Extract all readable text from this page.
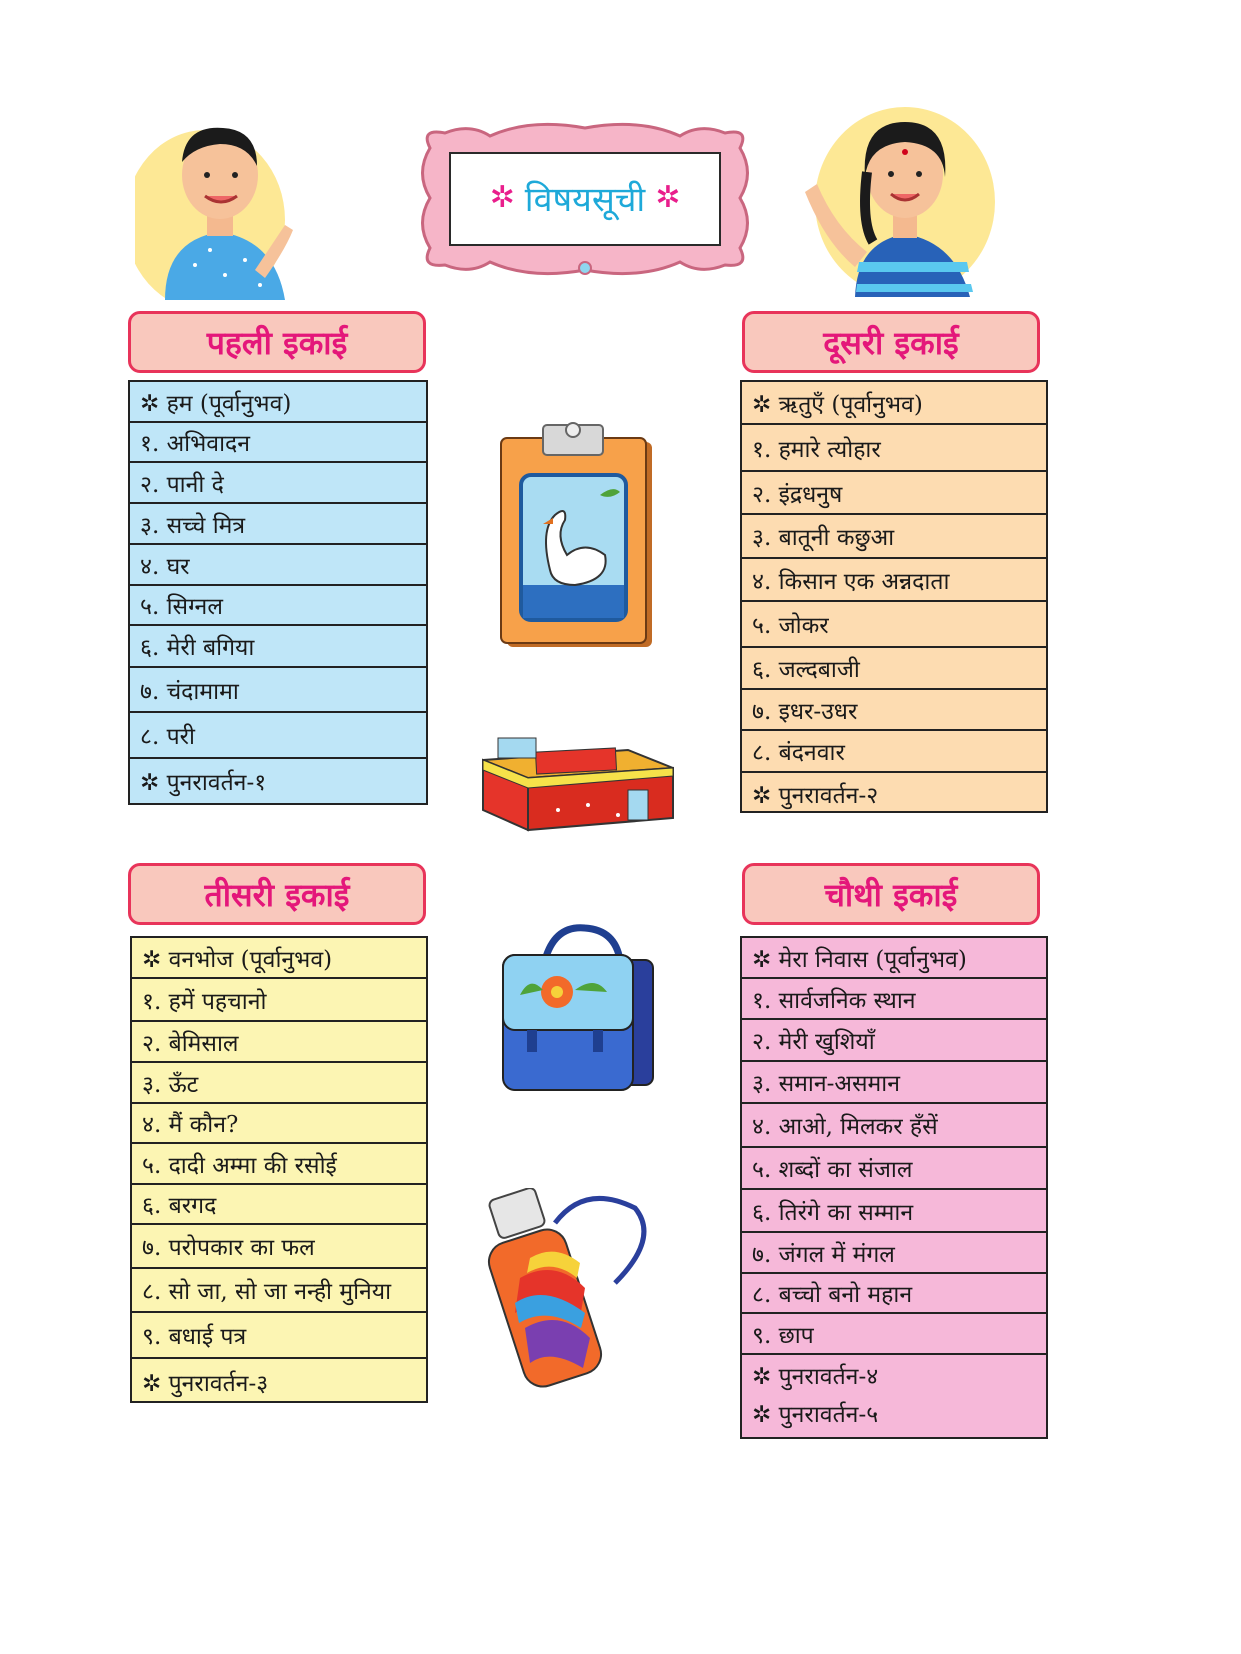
✲ विषयसूची ✲
पहली इकाई
✲ हम (पूर्वानुभव)
१. अभिवादन
२. पानी दे
३. सच्चे मित्र
४. घर
५. सिग्नल
६. मेरी बगिया
७. चंदामामा
८. परी
✲ पुनरावर्तन-१
दूसरी इकाई
✲ ऋतुएँ (पूर्वानुभव)
१. हमारे त्योहार
२. इंद्रधनुष
३. बातूनी कछुआ
४. किसान एक अन्नदाता
५. जोकर
६. जल्दबाजी
७. इधर-उधर
८. बंदनवार
✲ पुनरावर्तन-२
तीसरी इकाई
✲ वनभोज (पूर्वानुभव)
१. हमें पहचानो
२. बेमिसाल
३. ऊँट
४. मैं कौन?
५. दादी अम्मा की रसोई
६. बरगद
७. परोपकार का फल
८. सो जा, सो जा नन्ही मुनिया
९. बधाई पत्र
✲ पुनरावर्तन-३
चौथी इकाई
✲ मेरा निवास (पूर्वानुभव)
१. सार्वजनिक स्थान
२. मेरी खुशियाँ
३. समान-असमान
४. आओ, मिलकर हँसें
५. शब्दों का संजाल
६. तिरंगे का सम्मान
७. जंगल में मंगल
८. बच्चो बनो महान
९. छाप
✲ पुनरावर्तन-४
✲ पुनरावर्तन-५
